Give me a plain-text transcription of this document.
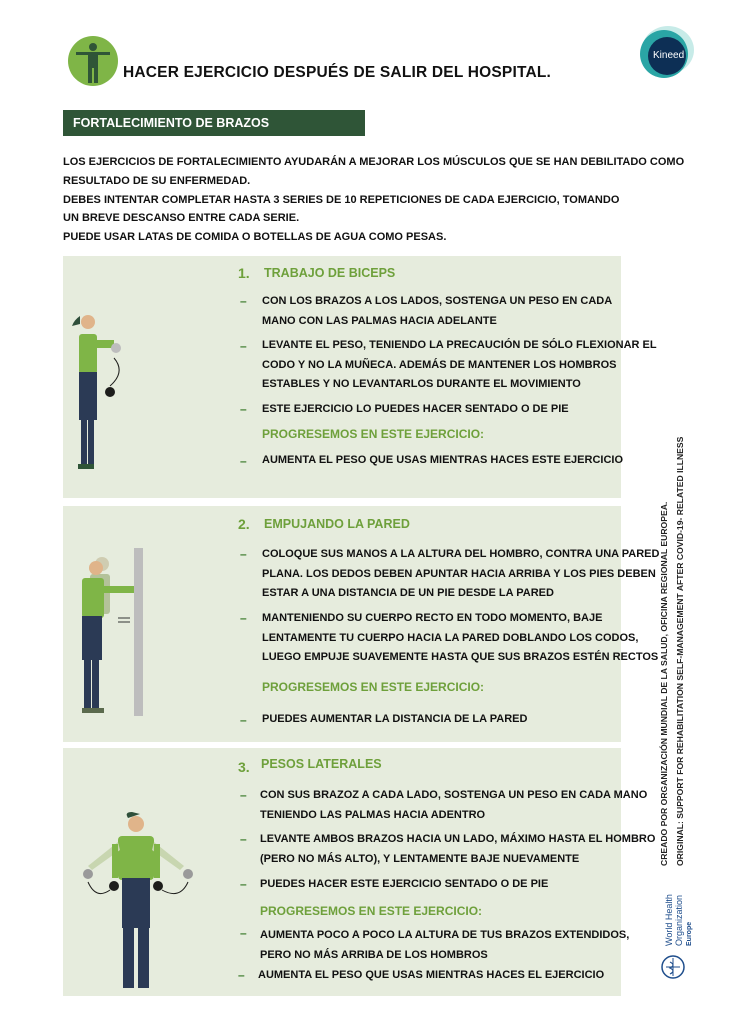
HACER EJERCICIO DESPUÉS DE SALIR DEL HOSPITAL.
Kineed
FORTALECIMIENTO DE BRAZOS
LOS EJERCICIOS DE FORTALECIMIENTO AYUDARÁN A MEJORAR LOS MÚSCULOS QUE SE HAN DEBILITADO COMO
RESULTADO DE SU ENFERMEDAD.
DEBES INTENTAR COMPLETAR HASTA 3 SERIES DE 10 REPETICIONES DE CADA EJERCICIO, TOMANDO
UN BREVE DESCANSO ENTRE CADA SERIE.
PUEDE USAR LATAS DE COMIDA O BOTELLAS DE AGUA COMO PESAS.
1. TRABAJO DE BICEPS
– CON LOS BRAZOS A LOS LADOS, SOSTENGA UN PESO EN CADA
MANO CON LAS PALMAS HACIA ADELANTE
– LEVANTE EL PESO, TENIENDO LA PRECAUCIÓN DE SÓLO FLEXIONAR EL
CODO Y NO LA MUÑECA. ADEMÁS DE MANTENER LOS HOMBROS
ESTABLES Y NO LEVANTARLOS DURANTE EL MOVIMIENTO
– ESTE EJERCICIO LO PUEDES HACER SENTADO O DE PIE
PROGRESEMOS EN ESTE EJERCICIO:
– AUMENTA EL PESO QUE USAS MIENTRAS HACES ESTE EJERCICIO
2. EMPUJANDO LA PARED
– COLOQUE SUS MANOS A LA ALTURA DEL HOMBRO, CONTRA UNA PARED
PLANA. LOS DEDOS DEBEN APUNTAR HACIA ARRIBA Y LOS PIES DEBEN
ESTAR A UNA DISTANCIA DE UN PIE DESDE LA PARED
– MANTENIENDO SU CUERPO RECTO EN TODO MOMENTO, BAJE
LENTAMENTE TU CUERPO HACIA LA PARED DOBLANDO LOS CODOS,
LUEGO EMPUJE SUAVEMENTE HASTA QUE SUS BRAZOS ESTÉN RECTOS
PROGRESEMOS EN ESTE EJERCICIO:
– PUEDES AUMENTAR LA DISTANCIA DE LA PARED
3. PESOS LATERALES
– CON SUS BRAZOZ A CADA LADO, SOSTENGA UN PESO EN CADA MANO
TENIENDO LAS PALMAS HACIA ADENTRO
– LEVANTE AMBOS BRAZOS HACIA UN LADO, MÁXIMO HASTA EL HOMBRO
(PERO NO MÁS ALTO), Y LENTAMENTE BAJE NUEVAMENTE
– PUEDES HACER ESTE EJERCICIO SENTADO O DE PIE
PROGRESEMOS EN ESTE EJERCICIO:
– AUMENTA POCO A POCO LA ALTURA DE TUS BRAZOS EXTENDIDOS,
PERO NO MÁS ARRIBA DE LOS HOMBROS
– AUMENTA EL PESO QUE USAS MIENTRAS HACES EL EJERCICIO
CREADO POR ORGANIZACIÓN MUNDIAL DE LA SALUD, OFICINA REGIONAL EUROPEA. ORIGINAL: SUPPORT FOR REHABILITATION SELF-MANAGEMENT AFTER COVID-19- RELATED ILLNESS
World Health Organization Europe
